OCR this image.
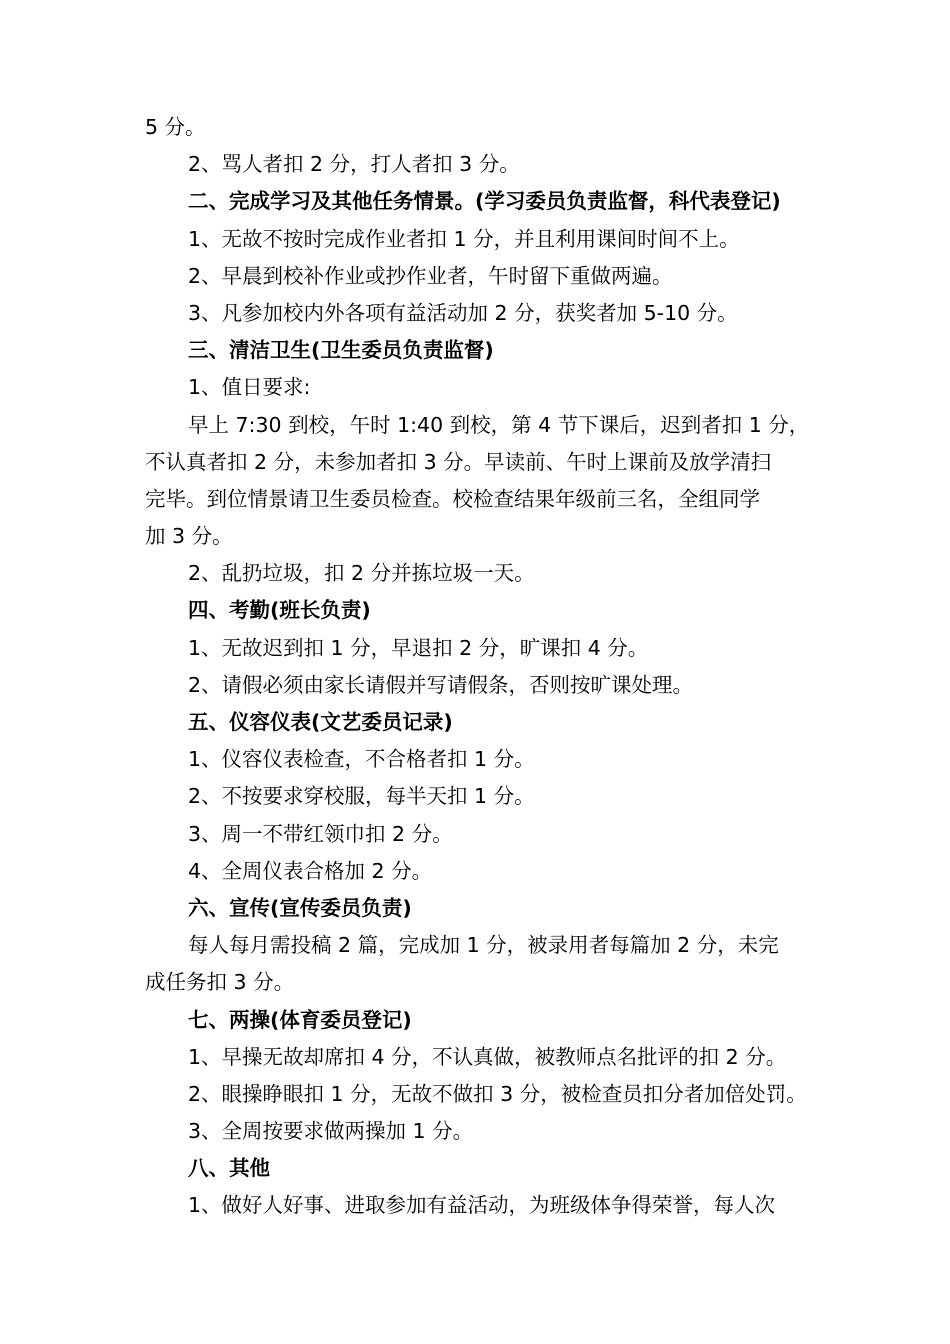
5 分。
2、骂人者扣 2 分，打人者扣 3 分。
二、完成学习及其他任务情景。(学习委员负责监督，科代表登记)
1、无故不按时完成作业者扣 1 分，并且利用课间时间不上。
2、早晨到校补作业或抄作业者，午时留下重做两遍。
3、凡参加校内外各项有益活动加 2 分，获奖者加 5-10 分。
三、清洁卫生(卫生委员负责监督)
1、值日要求:
早上 7:30 到校，午时 1:40 到校，第 4 节下课后，迟到者扣 1 分，
不认真者扣 2 分，未参加者扣 3 分。早读前、午时上课前及放学清扫
完毕。到位情景请卫生委员检查。校检查结果年级前三名，全组同学
加 3 分。
2、乱扔垃圾，扣 2 分并拣垃圾一天。
四、考勤(班长负责)
1、无故迟到扣 1 分，早退扣 2 分，旷课扣 4 分。
2、请假必须由家长请假并写请假条，否则按旷课处理。
五、仪容仪表(文艺委员记录)
1、仪容仪表检查，不合格者扣 1 分。
2、不按要求穿校服，每半天扣 1 分。
3、周一不带红领巾扣 2 分。
4、全周仪表合格加 2 分。
六、宣传(宣传委员负责)
每人每月需投稿 2 篇，完成加 1 分，被录用者每篇加 2 分，未完
成任务扣 3 分。
七、两操(体育委员登记)
1、早操无故却席扣 4 分，不认真做，被教师点名批评的扣 2 分。
2、眼操睁眼扣 1 分，无故不做扣 3 分，被检查员扣分者加倍处罚。
3、全周按要求做两操加 1 分。
八、其他
1、做好人好事、进取参加有益活动，为班级体争得荣誉，每人次
